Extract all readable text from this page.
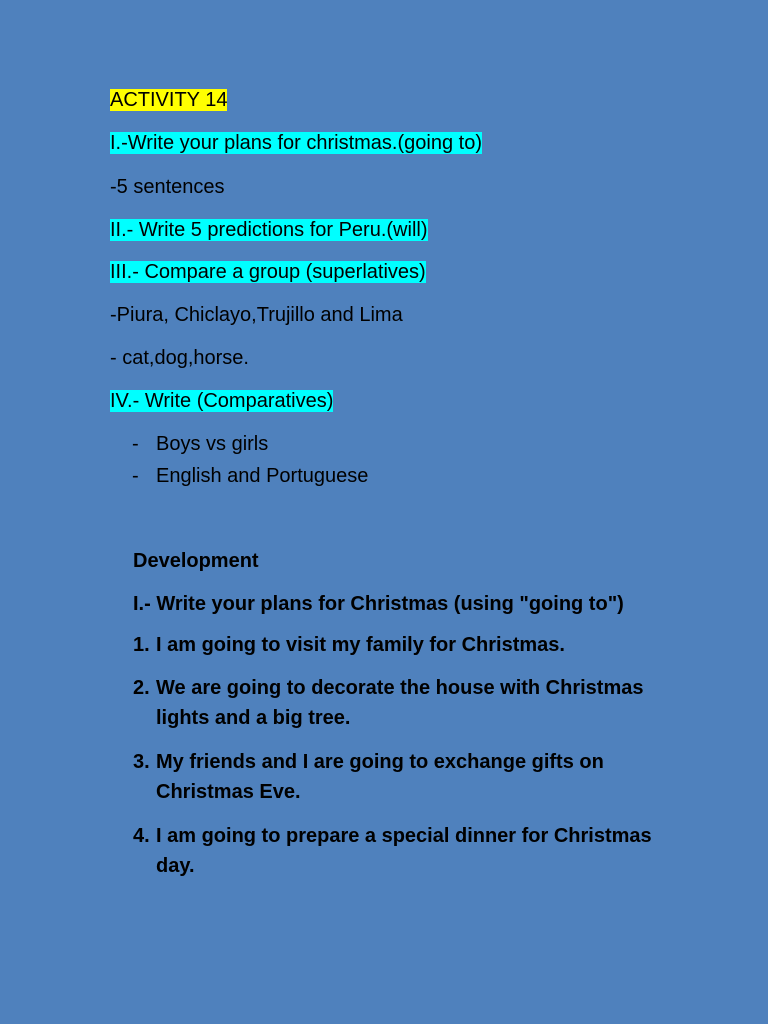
ACTIVITY 14
I.-Write your plans for christmas.(going to)
-5 sentences
II.- Write 5 predictions for Peru.(will)
III.- Compare a group (superlatives)
-Piura, Chiclayo,Trujillo and Lima
- cat,dog,horse.
IV.- Write (Comparatives)
- Boys vs girls
- English and Portuguese
Development
I.- Write your plans for Christmas (using "going to")
1. I am going to visit my family for Christmas.
2. We are going to decorate the house with Christmas lights and a big tree.
3. My friends and I are going to exchange gifts on Christmas Eve.
4. I am going to prepare a special dinner for Christmas day.
